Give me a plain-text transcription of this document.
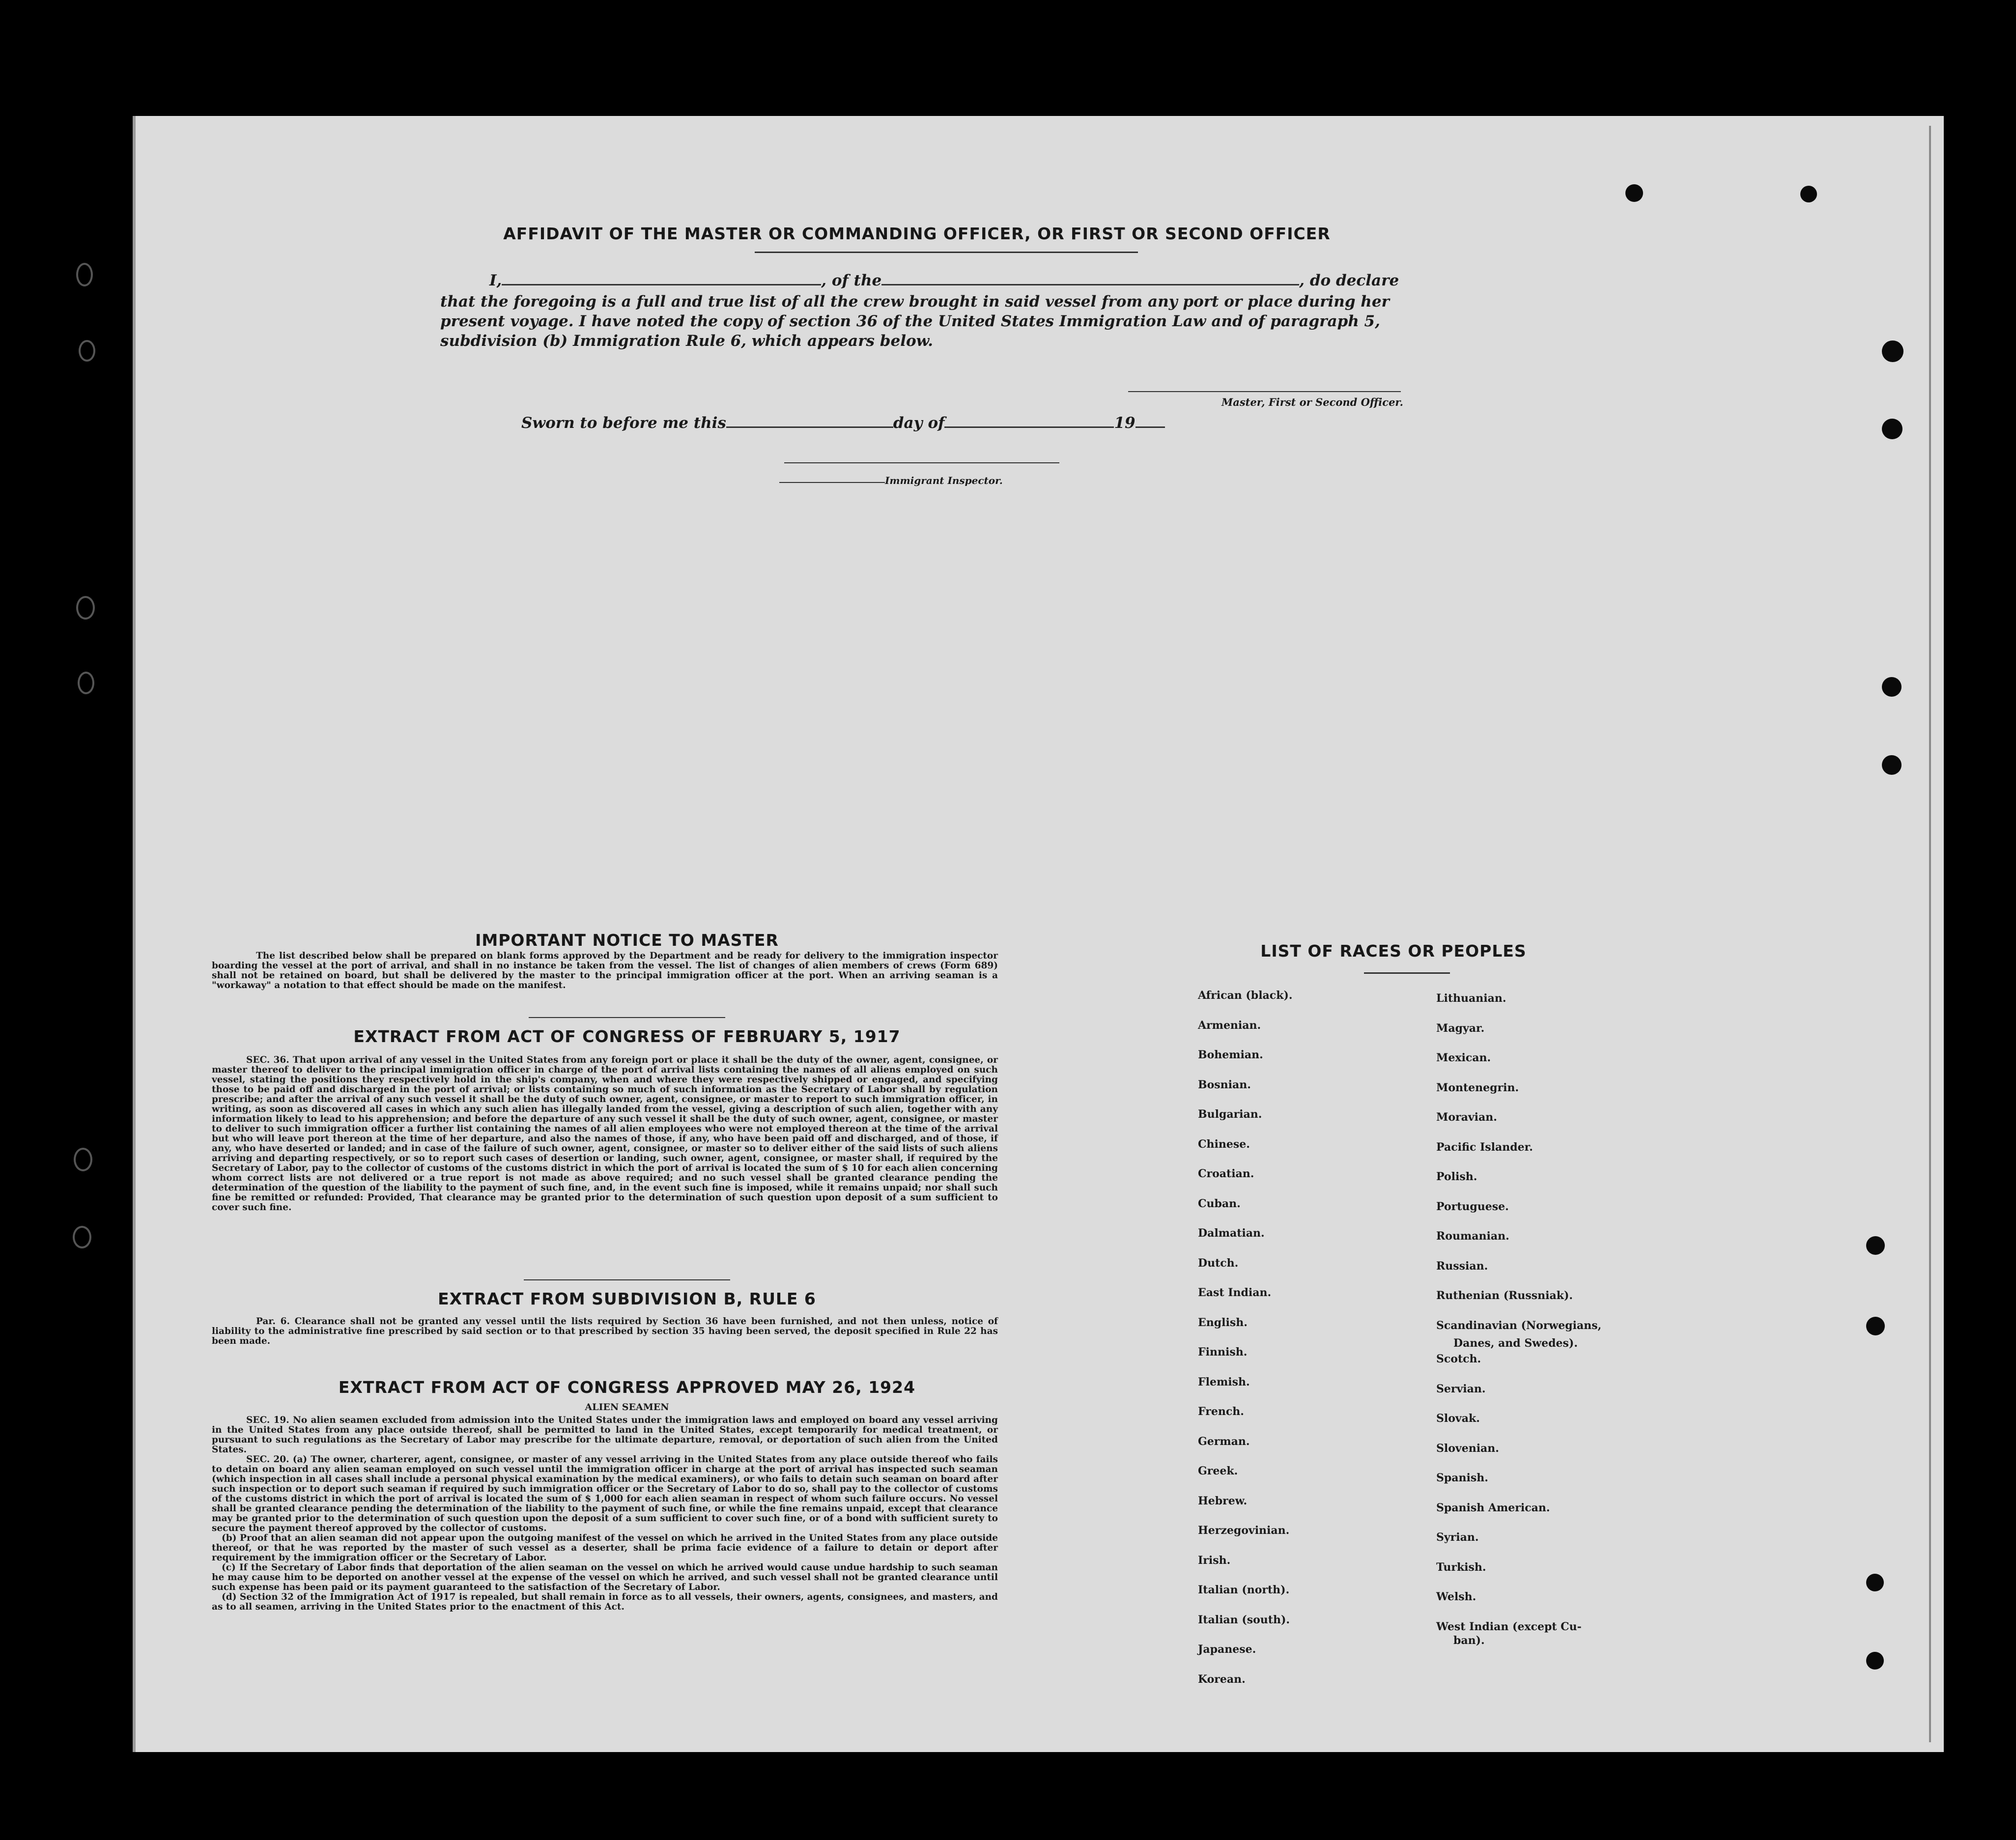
AFFIDAVIT OF THE MASTER OR COMMANDING OFFICER, OR FIRST OR SECOND OFFICER
I,	, of the	, do declare
that the foregoing is a full and true list of all the crew brought in said vessel from any port or place during her
present voyage. I have noted the copy of section 36 of the United States Immigration Law and of paragraph 5,
subdivision (b) Immigration Rule 6, which appears below.
Master, First or Second Officer.
Sworn to before me this	day of	19
Immigrant Inspector.
IMPORTANT NOTICE TO MASTER
The list described below shall be prepared on blank forms approved by the Department and be ready for delivery to the immigration inspector boarding the vessel at the port of arrival, and shall in no instance be taken from the vessel. The list of changes of alien members of crews (Form 689) shall not be retained on board, but shall be delivered by the master to the principal immigration officer at the port. When an arriving seaman is a "workaway" a notation to that effect should be made on the manifest.
EXTRACT FROM ACT OF CONGRESS OF FEBRUARY 5, 1917
SEC. 36. That upon arrival of any vessel in the United States from any foreign port or place it shall be the duty of the owner, agent, consignee, or master thereof to deliver to the principal immigration officer in charge of the port of arrival lists containing the names of all aliens employed on such vessel, stating the positions they respectively hold in the ship's company, when and where they were respectively shipped or engaged, and specifying those to be paid off and discharged in the port of arrival; or lists containing so much of such information as the Secretary of Labor shall by regulation prescribe; and after the arrival of any such vessel it shall be the duty of such owner, agent, consignee, or master to report to such immigration officer, in writing, as soon as discovered all cases in which any such alien has illegally landed from the vessel, giving a description of such alien, together with any information likely to lead to his apprehension; and before the departure of any such vessel it shall be the duty of such owner, agent, consignee, or master to deliver to such immigration officer a further list containing the names of all alien employees who were not employed thereon at the time of the arrival but who will leave port thereon at the time of her departure, and also the names of those, if any, who have been paid off and discharged, and of those, if any, who have deserted or landed; and in case of the failure of such owner, agent, consignee, or master so to deliver either of the said lists of such aliens arriving and departing respectively, or so to report such cases of desertion or landing, such owner, agent, consignee, or master shall, if required by the Secretary of Labor, pay to the collector of customs of the customs district in which the port of arrival is located the sum of $ 10 for each alien concerning whom correct lists are not delivered or a true report is not made as above required; and no such vessel shall be granted clearance pending the determination of the question of the liability to the payment of such fine, and, in the event such fine is imposed, while it remains unpaid; nor shall such fine be remitted or refunded: Provided, That clearance may be granted prior to the determination of such question upon deposit of a sum sufficient to cover such fine.
EXTRACT FROM SUBDIVISION B, RULE 6
Par. 6. Clearance shall not be granted any vessel until the lists required by Section 36 have been furnished, and not then unless, notice of liability to the administrative fine prescribed by said section or to that prescribed by section 35 having been served, the deposit specified in Rule 22 has been made.
EXTRACT FROM ACT OF CONGRESS APPROVED MAY 26, 1924
ALIEN SEAMEN

SEC. 19. No alien seamen excluded from admission into the United States under the immigration laws and employed on board any vessel arriving in the United States from any place outside thereof, shall be permitted to land in the United States, except temporarily for medical treatment, or pursuant to such regulations as the Secretary of Labor may prescribe for the ultimate departure, removal, or deportation of such alien from the United States.

SEC. 20. (a) The owner, charterer, agent, consignee, or master of any vessel arriving in the United States from any place outside thereof who fails to detain on board any alien seaman employed on such vessel until the immigration officer in charge at the port of arrival has inspected such seaman (which inspection in all cases shall include a personal physical examination by the medical examiners), or who fails to detain such seaman on board after such inspection or to deport such seaman if required by such immigration officer or the Secretary of Labor to do so, shall pay to the collector of customs of the customs district in which the port of arrival is located the sum of $ 1,000 for each alien seaman in respect of whom such failure occurs. No vessel shall be granted clearance pending the determination of the liability to the payment of such fine, or while the fine remains unpaid, except that clearance may be granted prior to the determination of such question upon the deposit of a sum sufficient to cover such fine, or of a bond with sufficient surety to secure the payment thereof approved by the collector of customs.

(b) Proof that an alien seaman did not appear upon the outgoing manifest of the vessel on which he arrived in the United States from any place outside thereof, or that he was reported by the master of such vessel as a deserter, shall be prima facie evidence of a failure to detain or deport after requirement by the immigration officer or the Secretary of Labor.

(c) If the Secretary of Labor finds that deportation of the alien seaman on the vessel on which he arrived would cause undue hardship to such seaman he may cause him to be deported on another vessel at the expense of the vessel on which he arrived, and such vessel shall not be granted clearance until such expense has been paid or its payment guaranteed to the satisfaction of the Secretary of Labor.

(d) Section 32 of the Immigration Act of 1917 is repealed, but shall remain in force as to all vessels, their owners, agents, consignees, and masters, and as to all seamen, arriving in the United States prior to the enactment of this Act.

LIST OF RACES OR PEOPLES
African (black).
Armenian.
Bohemian.
Bosnian.
Bulgarian.
Chinese.
Croatian.
Cuban.
Dalmatian.
Dutch.
East Indian.
English.
Finnish.
Flemish.
French.
German.
Greek.
Hebrew.
Herzegovinian.
Irish.
Italian (north).
Italian (south).
Japanese.
Korean.
Lithuanian.
Magyar.
Mexican.
Montenegrin.
Moravian.
Pacific Islander.
Polish.
Portuguese.
Roumanian.
Russian.
Ruthenian (Russniak).
Scandinavian (Norwegians,
Danes, and Swedes).
Scotch.
Servian.
Slovak.
Slovenian.
Spanish.
Spanish American.
Syrian.
Turkish.
Welsh.
West Indian (except Cu-
ban).
